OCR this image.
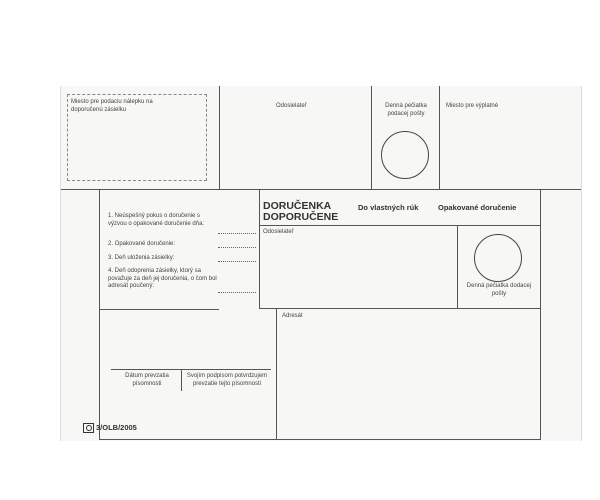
Miesto pre podaciu nálepku na doporučenú zásielku
Odosielateľ	Denná pečiatka podacej pošty
Miesto pre výplatné
1. Neúspešný pokus o doručenie s výzvou o opakované doručenie dňa:
2. Opakované doručenie:
3. Deň uloženia zásielky:
4. Deň odoprenia zásielky, ktorý sa považuje za deň jej doručenia, o čom bol adresát poučený:
DORUČENKA
DOPORUČENE
Do vlastných rúk	Opakované doručenie
Odosielateľ
Denná pečiatka dodacej pošty
Adresát
Dátum prevzatia písomnosti
Svojím podpisom potvrdzujem prevzatie tejto písomnosti
3/OLB/2005
